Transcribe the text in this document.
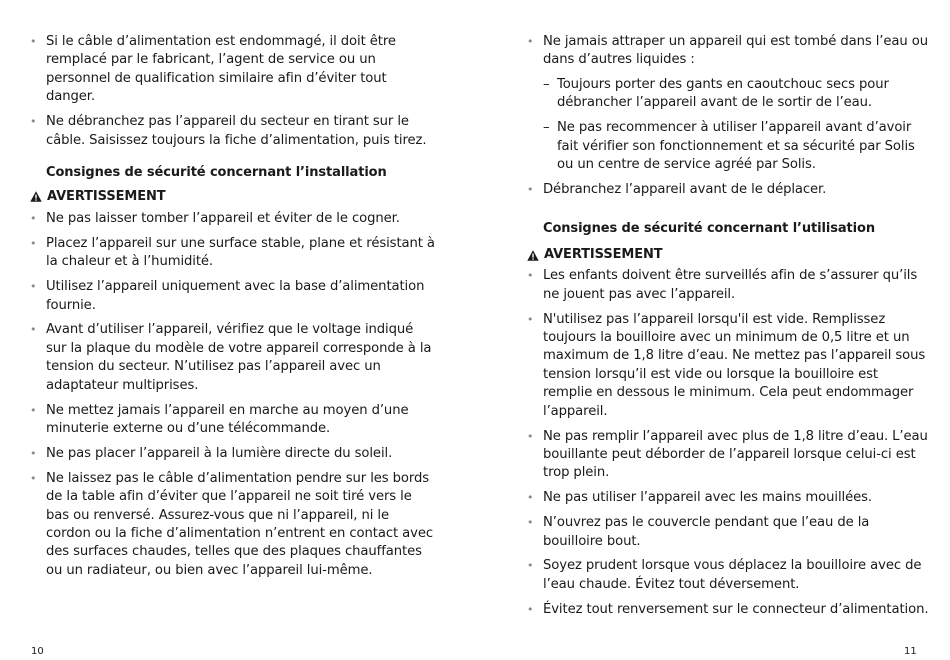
• Si le câble d’alimentation est endommagé, il doit être remplacé par le fabricant, l’agent de service ou un personnel de qualification similaire afin d’éviter tout danger.
• Ne débranchez pas l’appareil du secteur en tirant sur le câble. Saisissez toujours la fiche d’alimentation, puis tirez.
Consignes de sécurité concernant l’installation
AVERTISSEMENT
• Ne pas laisser tomber l’appareil et éviter de le cogner.
• Placez l’appareil sur une surface stable, plane et résistant à la chaleur et à l’humidité.
• Utilisez l’appareil uniquement avec la base d’alimentation fournie.
• Avant d’utiliser l’appareil, vérifiez que le voltage indiqué sur la plaque du modèle de votre appareil corresponde à la tension du secteur. N’utilisez pas l’appareil avec un adaptateur multiprises.
• Ne mettez jamais l’appareil en marche au moyen d’une minuterie externe ou d’une télécommande.
• Ne pas placer l’appareil à la lumière directe du soleil.
• Ne laissez pas le câble d’alimentation pendre sur les bords de la table afin d’éviter que l’appareil ne soit tiré vers le bas ou renversé. Assurez-vous que ni l’appareil, ni le cordon ou la fiche d’alimentation n’entrent en contact avec des surfaces chaudes, telles que des plaques chauffantes ou un radiateur, ou bien avec l’appareil lui-même.
10
• Ne jamais attraper un appareil qui est tombé dans l’eau ou dans d’autres liquides :
– Toujours porter des gants en caoutchouc secs pour débrancher l’appareil avant de le sortir de l’eau.
– Ne pas recommencer à utiliser l’appareil avant d’avoir fait vérifier son fonctionnement et sa sécurité par Solis ou un centre de service agréé par Solis.
• Débranchez l’appareil avant de le déplacer.
Consignes de sécurité concernant l’utilisation
AVERTISSEMENT
• Les enfants doivent être surveillés afin de s’assurer qu’ils ne jouent pas avec l’appareil.
• N'utilisez pas l’appareil lorsqu'il est vide. Remplissez toujours la bouilloire avec un minimum de 0,5 litre et un maximum de 1,8 litre d’eau. Ne mettez pas l’appareil sous tension lorsqu’il est vide ou lorsque la bouilloire est remplie en dessous le minimum. Cela peut endommager l’appareil.
• Ne pas remplir l’appareil avec plus de 1,8 litre d’eau. L’eau bouillante peut déborder de l’appareil lorsque celui-ci est trop plein.
• Ne pas utiliser l’appareil avec les mains mouillées.
• N’ouvrez pas le couvercle pendant que l’eau de la bouilloire bout.
• Soyez prudent lorsque vous déplacez la bouilloire avec de l’eau chaude. Évitez tout déversement.
• Évitez tout renversement sur le connecteur d’alimentation.
11
